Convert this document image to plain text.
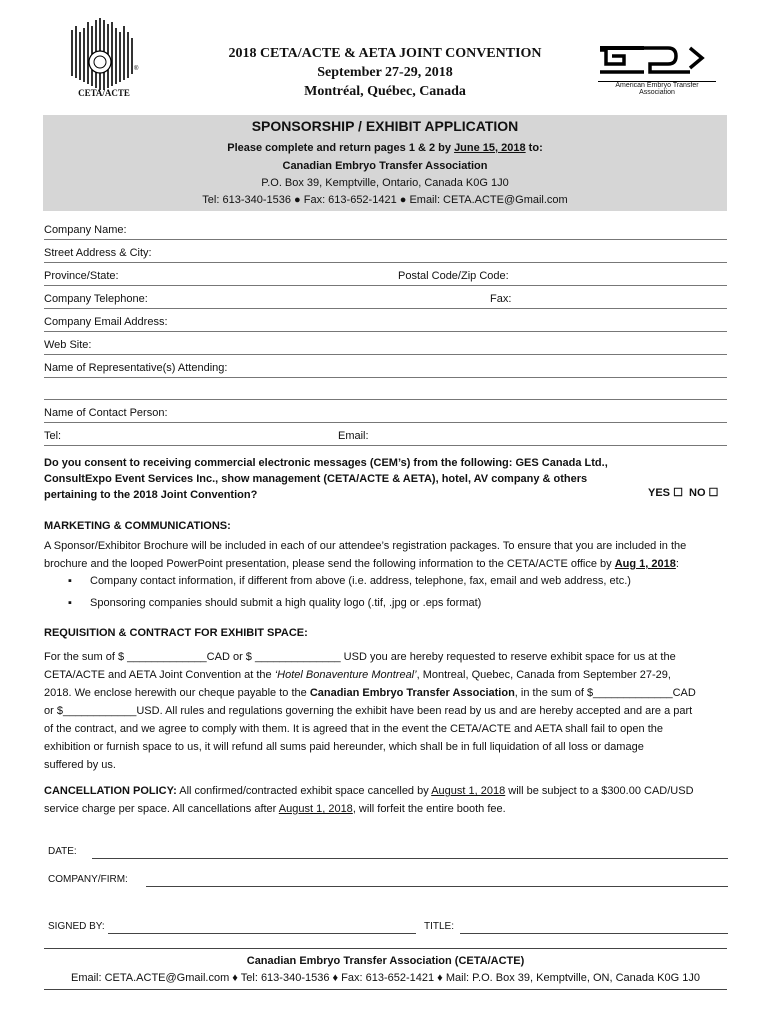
®
CETA/ACTE
2018 CETA/ACTE & AETA JOINT CONVENTION
September 27-29, 2018
Montréal, Québec, Canada	American Embryo Transfer Association
SPONSORSHIP / EXHIBIT APPLICATION
Please complete and return pages 1 & 2 by June 15, 2018 to:
Canadian Embryo Transfer Association
P.O. Box 39, Kemptville, Ontario, Canada K0G 1J0
Tel: 613-340-1536 ● Fax: 613-652-1421 ● Email: CETA.ACTE@Gmail.com
Company Name:
Street Address & City:
Province/State:	Postal Code/Zip Code:
Company Telephone:	Fax:
Company Email Address:
Web Site:
Name of Representative(s) Attending:
Name of Contact Person:
Tel:	Email:
Do you consent to receiving commercial electronic messages (CEM’s) from the following: GES Canada Ltd.,
ConsultExpo Event Services Inc., show management (CETA/ACTE & AETA), hotel, AV company & others
pertaining to the 2018 Joint Convention?	YES ☐ NO ☐
MARKETING & COMMUNICATIONS:
A Sponsor/Exhibitor Brochure will be included in each of our attendee’s registration packages. To ensure that you are included in the
brochure and the looped PowerPoint presentation, please send the following information to the CETA/ACTE office by Aug 1, 2018:
▪ Company contact information, if different from above (i.e. address, telephone, fax, email and web address, etc.)
▪ Sponsoring companies should submit a high quality logo (.tif, .jpg or .eps format)
REQUISITION & CONTRACT FOR EXHIBIT SPACE:
For the sum of $ _____________CAD or $ ______________ USD you are hereby requested to reserve exhibit space for us at the
CETA/ACTE and AETA Joint Convention at the ‘Hotel Bonaventure Montreal’, Montreal, Quebec, Canada from September 27-29,
2018. We enclose herewith our cheque payable to the Canadian Embryo Transfer Association, in the sum of $_____________CAD
or $____________USD. All rules and regulations governing the exhibit have been read by us and are hereby accepted and are a part
of the contract, and we agree to comply with them. It is agreed that in the event the CETA/ACTE and AETA shall fail to open the
exhibition or furnish space to us, it will refund all sums paid hereunder, which shall be in full liquidation of all loss or damage
suffered by us.
CANCELLATION POLICY: All confirmed/contracted exhibit space cancelled by August 1, 2018 will be subject to a $300.00 CAD/USD
service charge per space. All cancellations after August 1, 2018, will forfeit the entire booth fee.
DATE:
COMPANY/FIRM:
SIGNED BY:	TITLE:
Canadian Embryo Transfer Association (CETA/ACTE)
Email: CETA.ACTE@Gmail.com ♦ Tel: 613-340-1536 ♦ Fax: 613-652-1421 ♦ Mail: P.O. Box 39, Kemptville, ON, Canada K0G 1J0
